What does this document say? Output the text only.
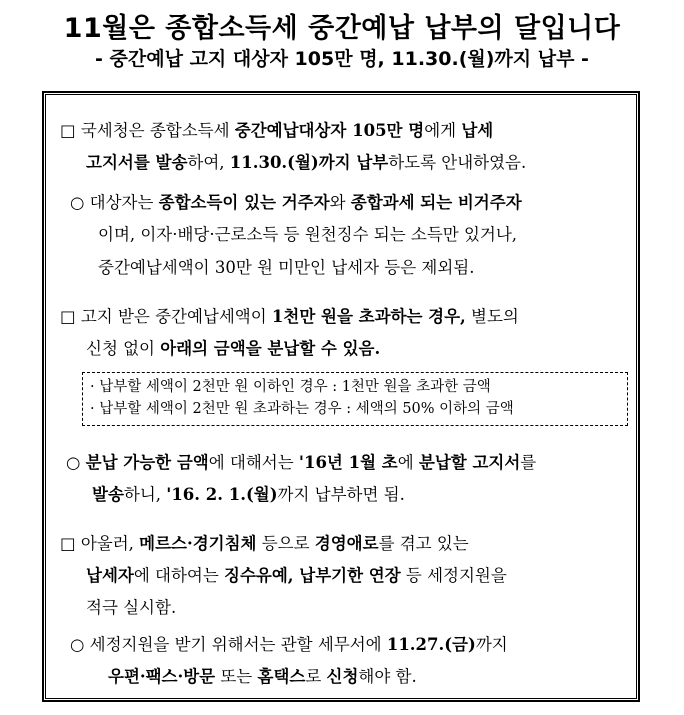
11월은 종합소득세 중간예납 납부의 달입니다
- 중간예납 고지 대상자 105만 명, 11.30.(월)까지 납부 -
□ 국세청은 종합소득세 중간예납대상자 105만 명에게 납세
고지서를 발송하여, 11.30.(월)까지 납부하도록 안내하였음.
○ 대상자는 종합소득이 있는 거주자와 종합과세 되는 비거주자
이며, 이자·배당·근로소득 등 원천징수 되는 소득만 있거나,
중간예납세액이 30만 원 미만인 납세자 등은 제외됨.
□ 고지 받은 중간예납세액이 1천만 원을 초과하는 경우, 별도의
신청 없이 아래의 금액을 분납할 수 있음.
· 납부할 세액이 2천만 원 이하인 경우 : 1천만 원을 초과한 금액
· 납부할 세액이 2천만 원 초과하는 경우 : 세액의 50% 이하의 금액
○ 분납 가능한 금액에 대해서는 '16년 1월 초에 분납할 고지서를
발송하니, '16. 2. 1.(월)까지 납부하면 됨.
□ 아울러, 메르스·경기침체 등으로 경영애로를 겪고 있는
납세자에 대하여는 징수유예, 납부기한 연장 등 세정지원을
적극 실시함.
○ 세정지원을 받기 위해서는 관할 세무서에 11.27.(금)까지
우편·팩스·방문 또는 홈택스로 신청해야 함.
